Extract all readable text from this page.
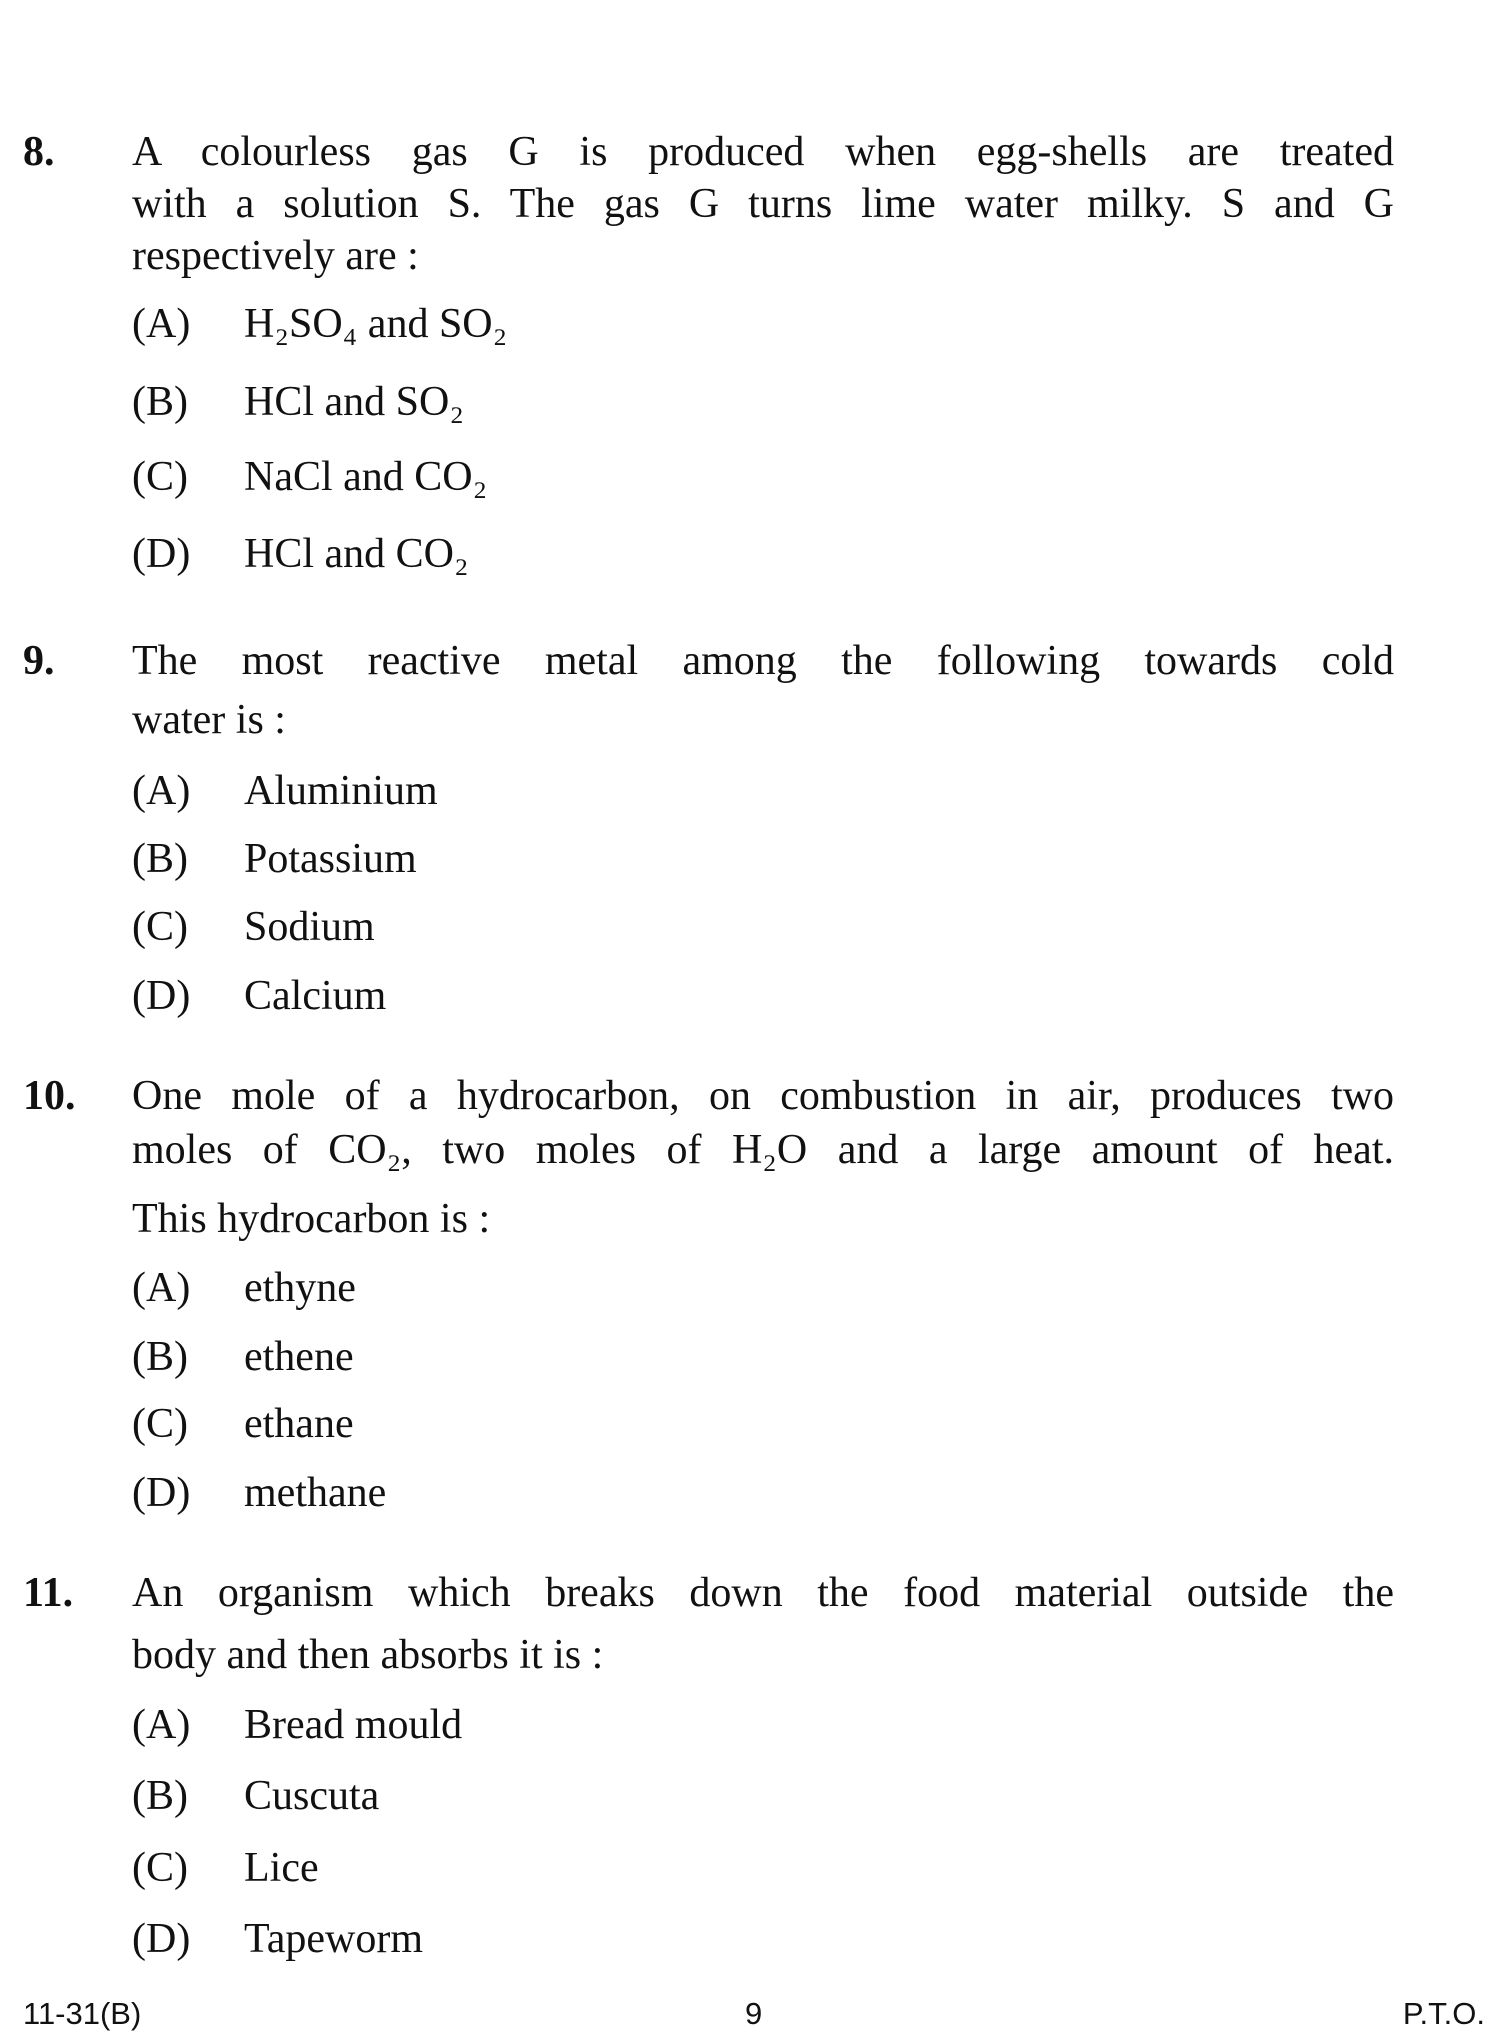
8. A colourless gas G is produced when egg-shells are treated
with a solution S. The gas G turns lime water milky. S and G
respectively are :
(A) H₂SO₄ and SO₂
(B) HCl and SO₂
(C) NaCl and CO₂
(D) HCl and CO₂
9. The most reactive metal among the following towards cold
water is :
(A) Aluminium
(B) Potassium
(C) Sodium
(D) Calcium
10. One mole of a hydrocarbon, on combustion in air, produces two
moles of CO₂, two moles of H₂O and a large amount of heat.
This hydrocarbon is :
(A) ethyne
(B) ethene
(C) ethane
(D) methane
11. An organism which breaks down the food material outside the
body and then absorbs it is :
(A) Bread mould
(B) Cuscuta
(C) Lice
(D) Tapeworm
11-31(B)	9	P.T.O.
